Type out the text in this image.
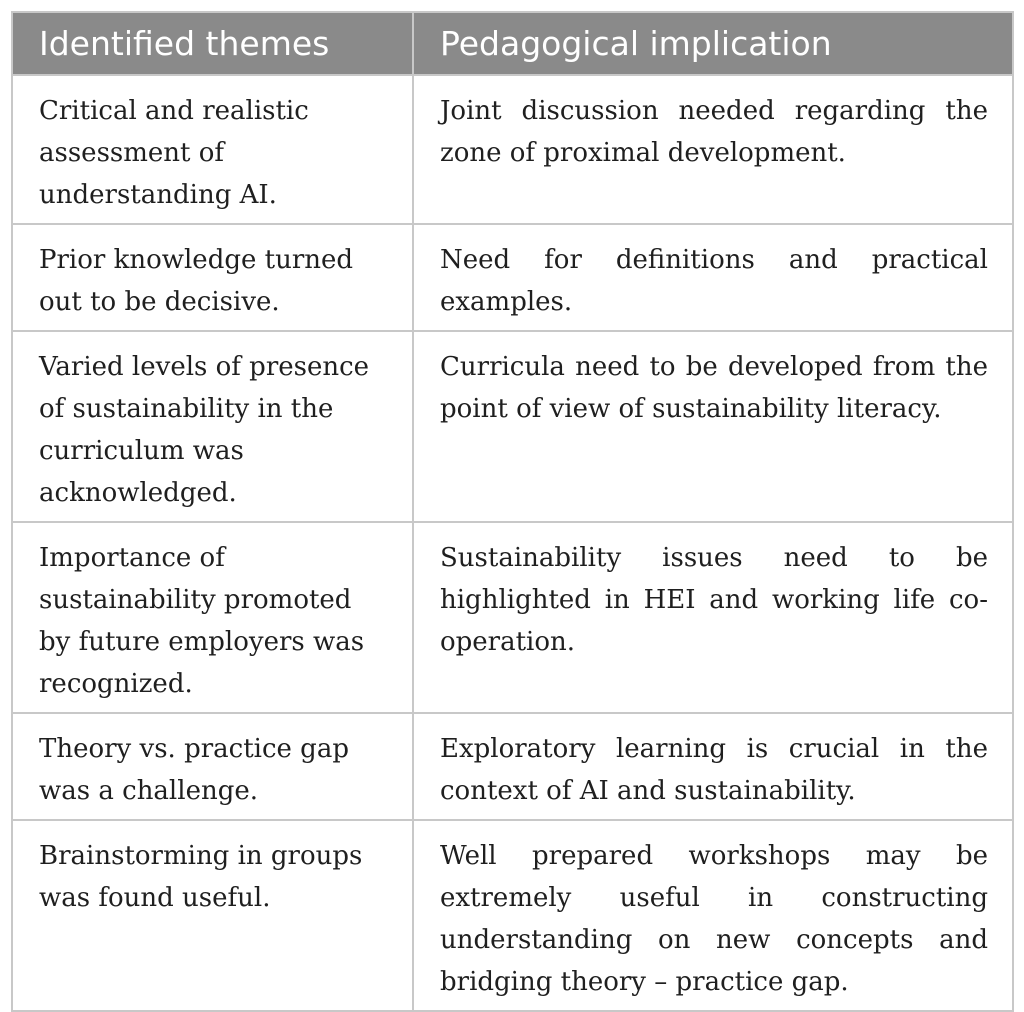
Identified themes	Pedagogical implication
Critical and realistic assessment of understanding AI.	Joint discussion needed regarding the zone of proximal development.
Prior knowledge turned out to be decisive.	Need for definitions and practical examples.
Varied levels of presence of sustainability in the curriculum was acknowledged.	Curricula need to be developed from the point of view of sustainability literacy.
Importance of sustainability promoted by future employers was recognized.	Sustainability issues need to be highlighted in HEI and working life co-operation.
Theory vs. practice gap was a challenge.	Exploratory learning is crucial in the context of AI and sustainability.
Brainstorming in groups was found useful.	Well prepared workshops may be extremely useful in constructing understanding on new concepts and bridging theory – practice gap.
